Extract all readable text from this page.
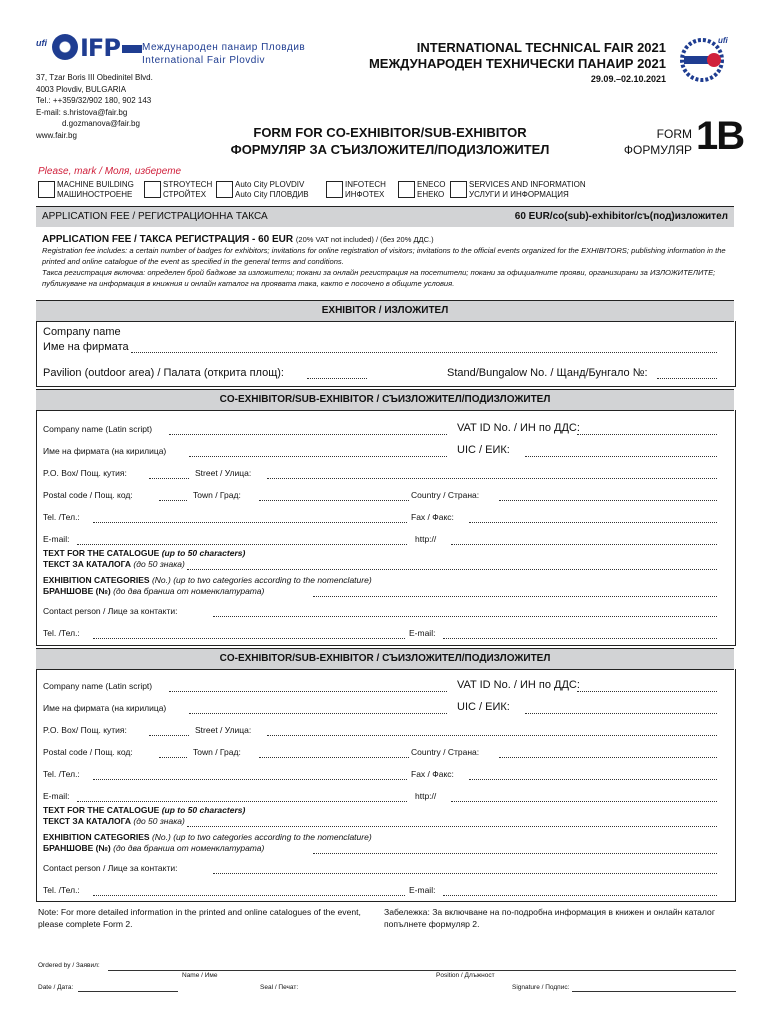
ufi IFP	Международен панаир Пловдив
International Fair Plovdiv
37, Tzar Boris III Obedinitel Blvd.
4003 Plovdiv, BULGARIA
Tel.: ++359/32/902 180, 902 143
E-mail: s.hristova@fair.bg
d.gozmanova@fair.bg
www.fair.bg
INTERNATIONAL TECHNICAL FAIR 2021
МЕЖДУНАРОДЕН ТЕХНИЧЕСКИ ПАНАИР 2021
29.09.–02.10.2021
ufi
FORM FOR CO-EXHIBITOR/SUB-EXHIBITOR
ФОРМУЛЯР ЗА СЪИЗЛОЖИТЕЛ/ПОДИЗЛОЖИТЕЛ
FORM
ФОРМУЛЯР 1B
Please, mark / Моля, изберете
MACHINE BUILDING
МАШИНОСТРОЕНЕ
STROYTECH
СТРОЙТЕХ
Auto City PLOVDIV
Auto City ПЛОВДИВ
INFOTECH
ИНФОТЕХ
ENECO
ЕНЕКО
SERVICES AND INFORMATION
УСЛУГИ И ИНФОРМАЦИЯ
APPLICATION FEE / РЕГИСТРАЦИОННА ТАКСА	60 EUR/co(sub)-exhibitor/съ(под)изложител
APPLICATION FEE / ТАКСА РЕГИСТРАЦИЯ - 60 EUR (20% VAT not included) / (без 20% ДДС.)
Registration fee includes: a certain number of badges for exhibitors; invitations for online registration of visitors; invitations to the official events organized for the EXHIBITORS; publishing information in the printed and online catalogue of the event as specified in the general terms and conditions.
Такса регистрация включва: определен брой баджове за изложители; покани за онлайн регистрация на посетители; покани за официалните прояви, организирани за ИЗЛОЖИТЕЛИТЕ; публикуване на информация в книжния и онлайн каталог на проявата така, както е посочено в общите условия.
EXHIBITOR / ИЗЛОЖИТЕЛ
Company name
Име на фирмата
Pavilion (outdoor area) / Палата (открита площ):	Stand/Bungalow No. / Щанд/Бунгало №:
CO-EXHIBITOR/SUB-EXHIBITOR / СЪИЗЛОЖИТЕЛ/ПОДИЗЛОЖИТЕЛ
Company name (Latin script)	VAT ID No. / ИН по ДДС:
Име на фирмата (на кирилица)	UIC / ЕИК:
P.O. Box/ Пощ. кутия:	Street / Улица:
Postal code / Пощ. код:	Town / Град:	Country / Страна:
Tel. /Тел.:	Fax / Факс:
E-mail:	http://
TEXT FOR THE CATALOGUE (up to 50 characters)
ТЕКСТ ЗА КАТАЛОГА (до 50 знака)
EXHIBITION CATEGORIES (No.) (up to two categories according to the nomenclature)
БРАНШОВЕ (№) (до два бранша от номенклатурата)
Contact person / Лице за контакти:
Tel. /Тел.:	E-mail:
CO-EXHIBITOR/SUB-EXHIBITOR / СЪИЗЛОЖИТЕЛ/ПОДИЗЛОЖИТЕЛ
Company name (Latin script)	VAT ID No. / ИН по ДДС:
Име на фирмата (на кирилица)	UIC / ЕИК:
P.O. Box/ Пощ. кутия:	Street / Улица:
Postal code / Пощ. код:	Town / Град:	Country / Страна:
Tel. /Тел.:	Fax / Факс:
E-mail:	http://
TEXT FOR THE CATALOGUE (up to 50 characters)
ТЕКСТ ЗА КАТАЛОГА (до 50 знака)
EXHIBITION CATEGORIES (No.) (up to two categories according to the nomenclature)
БРАНШОВЕ (№) (до два бранша от номенклатурата)
Contact person / Лице за контакти:
Tel. /Тел.:	E-mail:
Note: For more detailed information in the printed and online catalogues of the event, please complete Form 2.
Забележка: За включване на по-подробна информация в книжен и онлайн каталог попълнете формуляр 2.
Ordered by / Заявил:
Name / Име	Position / Длъжност
Date / Дата:	Seal / Печат:	Signature / Подпис:
